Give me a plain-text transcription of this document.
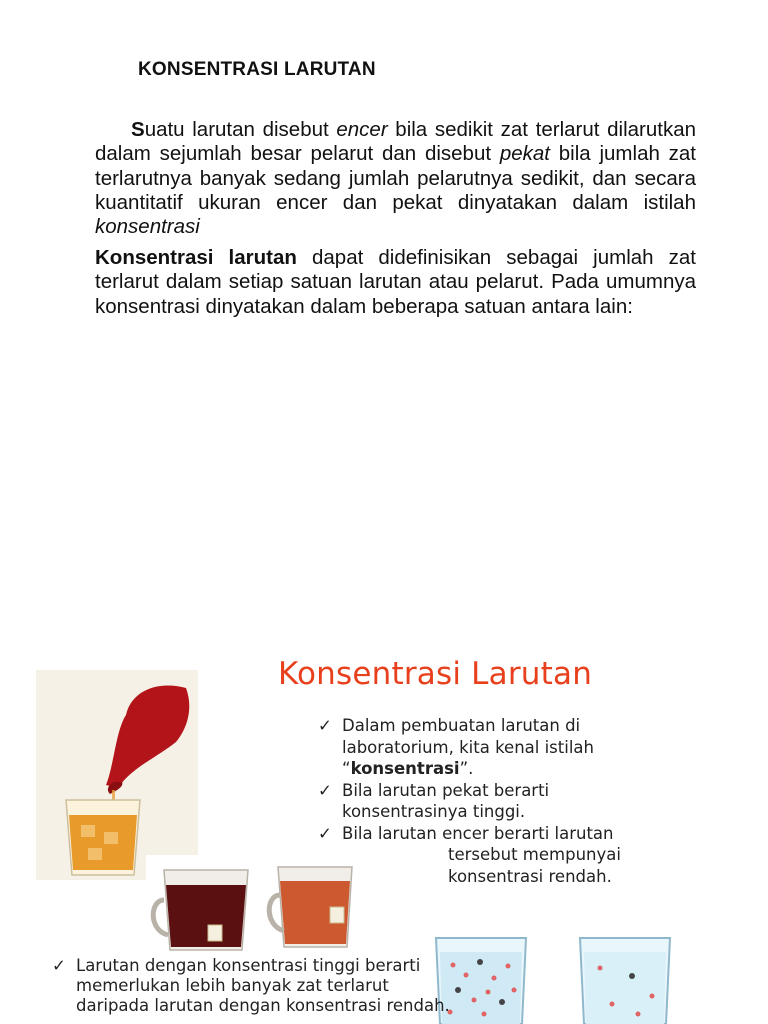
KONSENTRASI LARUTAN

Suatu larutan disebut encer bila sedikit zat terlarut dilarutkan dalam sejumlah besar pelarut dan disebut pekat bila jumlah zat terlarutnya banyak sedang jumlah pelarutnya sedikit, dan secara kuantitatif ukuran encer dan pekat dinyatakan dalam istilah konsentrasi

Konsentrasi larutan dapat didefinisikan sebagai jumlah zat terlarut dalam setiap satuan larutan atau pelarut. Pada umumnya konsentrasi dinyatakan dalam beberapa satuan antara lain:

Konsentrasi Larutan
✓ Dalam pembuatan larutan di laboratorium, kita kenal istilah “konsentrasi”.
✓ Bila larutan pekat berarti konsentrasinya tinggi.
✓ Bila larutan encer berarti larutan
tersebut mempunyai
konsentrasi rendah.
✓ Larutan dengan konsentrasi tinggi berarti memerlukan lebih banyak zat terlarut daripada larutan dengan konsentrasi rendah.
